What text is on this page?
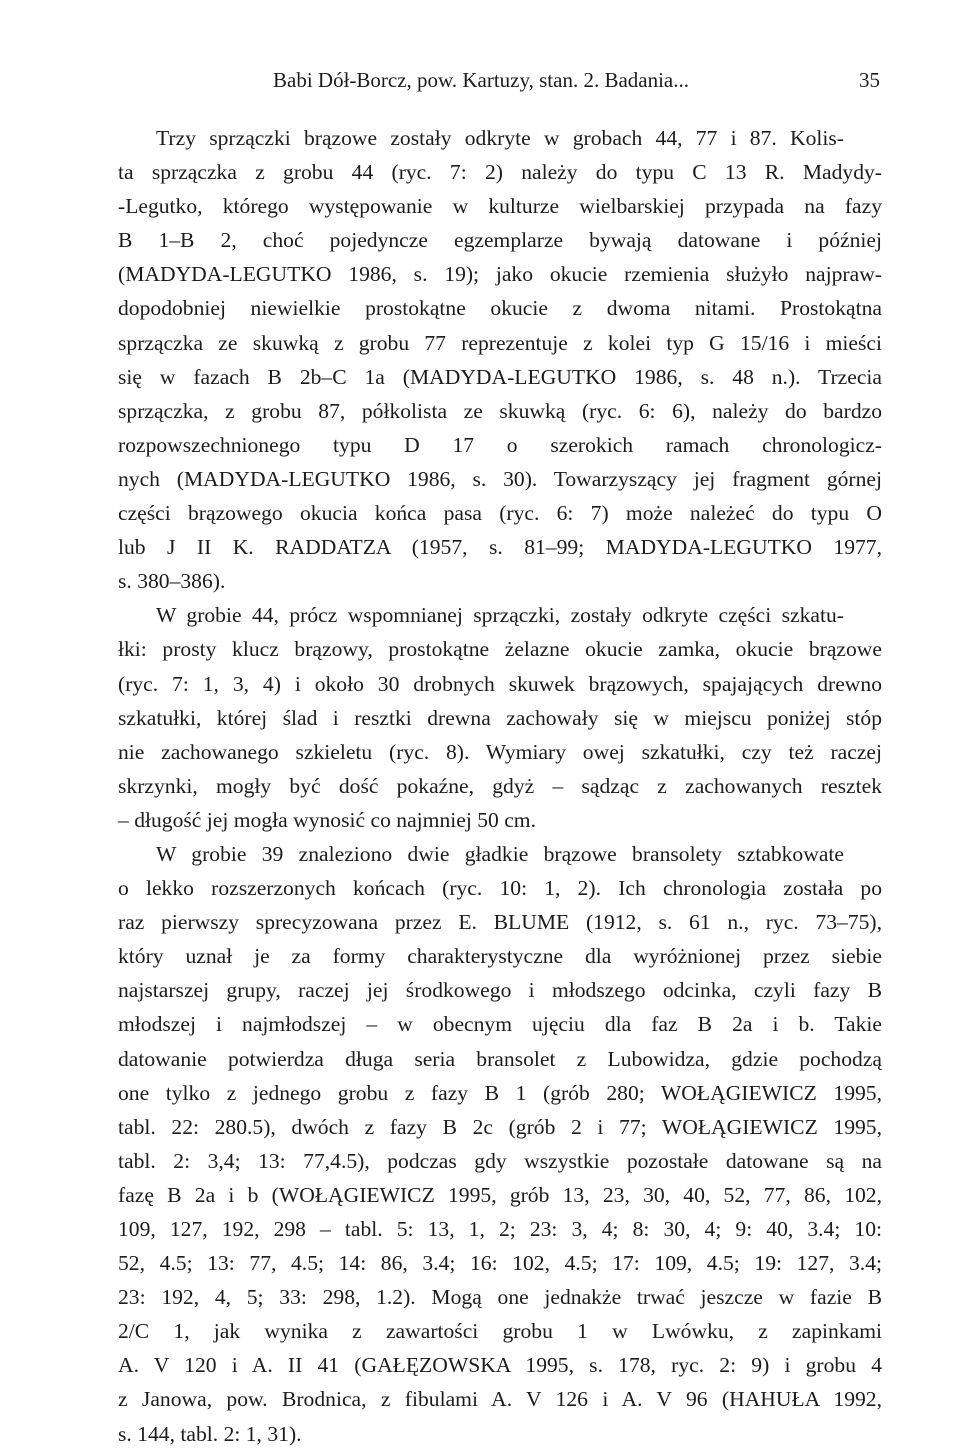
Babi Dół-Borcz, pow. Kartuzy, stan. 2. Badania...	35
Trzy sprzączki brązowe zostały odkryte w grobach 44, 77 i 87. Kolis-
ta sprzączka z grobu 44 (ryc. 7: 2) należy do typu C 13 R. Madydy-
-Legutko, którego występowanie w kulturze wielbarskiej przypada na fazy
B 1–B 2, choć pojedyncze egzemplarze bywają datowane i później
(MADYDA-LEGUTKO 1986, s. 19); jako okucie rzemienia służyło najpraw-
dopodobniej niewielkie prostokątne okucie z dwoma nitami. Prostokątna
sprzączka ze skuwką z grobu 77 reprezentuje z kolei typ G 15/16 i mieści
się w fazach B 2b–C 1a (MADYDA-LEGUTKO 1986, s. 48 n.). Trzecia
sprzączka, z grobu 87, półkolista ze skuwką (ryc. 6: 6), należy do bardzo
rozpowszechnionego typu D 17 o szerokich ramach chronologicz-
nych (MADYDA-LEGUTKO 1986, s. 30). Towarzyszący jej fragment górnej
części brązowego okucia końca pasa (ryc. 6: 7) może należeć do typu O
lub J II K. RADDATZA (1957, s. 81–99; MADYDA-LEGUTKO 1977,
s. 380–386).
W grobie 44, prócz wspomnianej sprzączki, zostały odkryte części szkatu-
łki: prosty klucz brązowy, prostokątne żelazne okucie zamka, okucie brązowe
(ryc. 7: 1, 3, 4) i około 30 drobnych skuwek brązowych, spajających drewno
szkatułki, której ślad i resztki drewna zachowały się w miejscu poniżej stóp
nie zachowanego szkieletu (ryc. 8). Wymiary owej szkatułki, czy też raczej
skrzynki, mogły być dość pokaźne, gdyż – sądząc z zachowanych resztek
– długość jej mogła wynosić co najmniej 50 cm.
W grobie 39 znaleziono dwie gładkie brązowe bransolety sztabkowate
o lekko rozszerzonych końcach (ryc. 10: 1, 2). Ich chronologia została po
raz pierwszy sprecyzowana przez E. BLUME (1912, s. 61 n., ryc. 73–75),
który uznał je za formy charakterystyczne dla wyróżnionej przez siebie
najstarszej grupy, raczej jej środkowego i młodszego odcinka, czyli fazy B
młodszej i najmłodszej – w obecnym ujęciu dla faz B 2a i b. Takie
datowanie potwierdza długa seria bransolet z Lubowidza, gdzie pochodzą
one tylko z jednego grobu z fazy B 1 (grób 280; WOŁĄGIEWICZ 1995,
tabl. 22: 280.5), dwóch z fazy B 2c (grób 2 i 77; WOŁĄGIEWICZ 1995,
tabl. 2: 3,4; 13: 77,4.5), podczas gdy wszystkie pozostałe datowane są na
fazę B 2a i b (WOŁĄGIEWICZ 1995, grób 13, 23, 30, 40, 52, 77, 86, 102,
109, 127, 192, 298 – tabl. 5: 13, 1, 2; 23: 3, 4; 8: 30, 4; 9: 40, 3.4; 10:
52, 4.5; 13: 77, 4.5; 14: 86, 3.4; 16: 102, 4.5; 17: 109, 4.5; 19: 127, 3.4;
23: 192, 4, 5; 33: 298, 1.2). Mogą one jednakże trwać jeszcze w fazie B
2/C 1, jak wynika z zawartości grobu 1 w Lwówku, z zapinkami
A. V 120 i A. II 41 (GAŁĘZOWSKA 1995, s. 178, ryc. 2: 9) i grobu 4
z Janowa, pow. Brodnica, z fibulami A. V 126 i A. V 96 (HAHUŁA 1992,
s. 144, tabl. 2: 1, 31).
